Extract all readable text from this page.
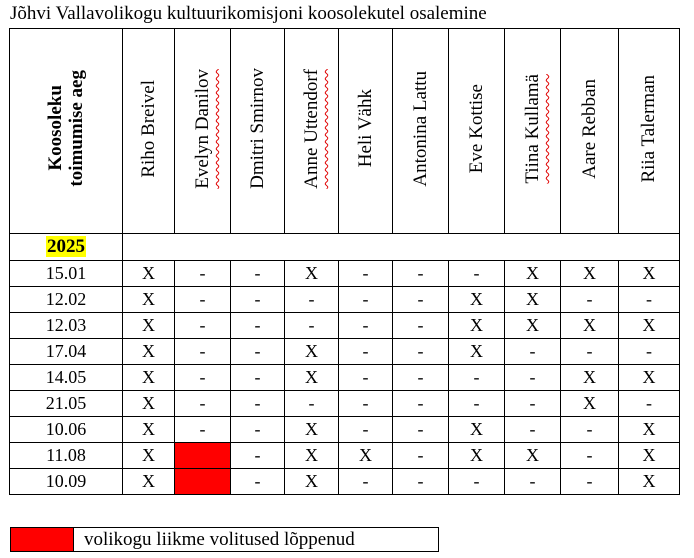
Jõhvi Vallavolikogu kultuurikomisjoni koosolekutel osalemine
Koosoleku
toimumise aeg	Riho Breivel	Evelyn Danilov	Dmitri Smirnov	Anne Uttendorf	Heli Vähk	Antonina Lattu	Eve Kottise	Tiina Kullamä	Aare Rebban	Riia Talerman
2025										
15.01	X	-	-	X	-	-	-	X	X	X
12.02	X	-	-	-	-	-	X	X	-	-
12.03	X	-	-	-	-	-	X	X	X	X
17.04	X	-	-	X	-	-	X	-	-	-
14.05	X	-	-	X	-	-	-	-	X	X
21.05	X	-	-	-	-	-	-	-	X	-
10.06	X	-	-	X	-	-	X	-	-	X
11.08	X		-	X	X	-	X	X	-	X
10.09	X		-	X	-	-	-	-	-	X
volikogu liikme volitused lõppenud
